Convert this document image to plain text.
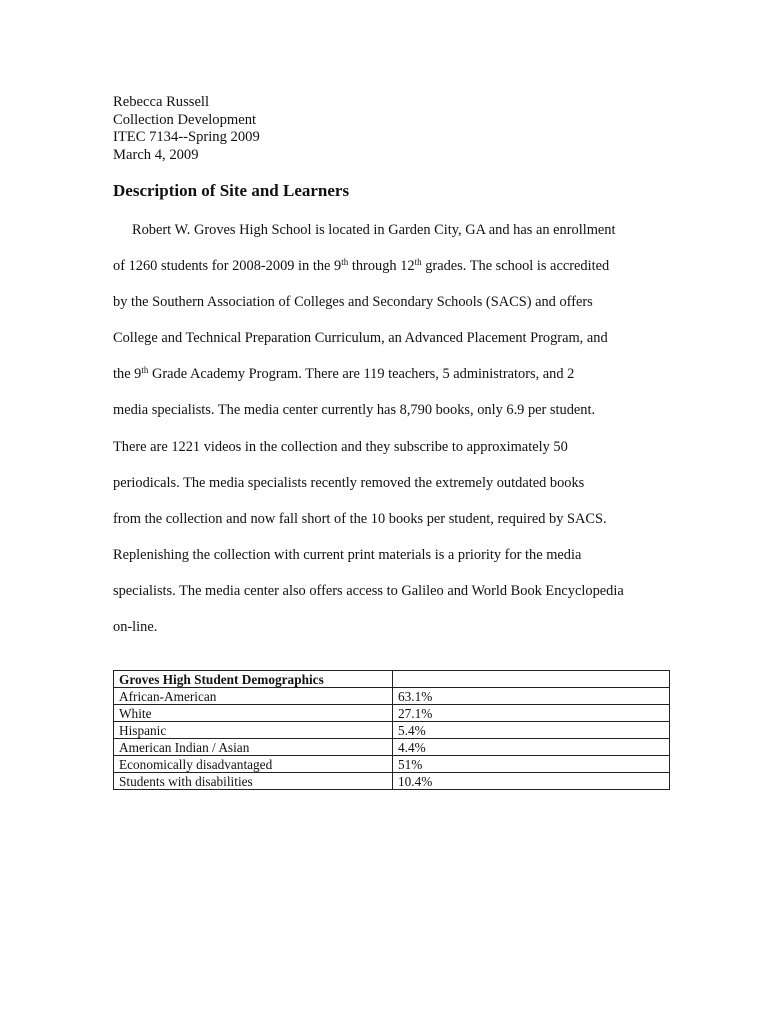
Rebecca Russell
Collection Development
ITEC 7134--Spring 2009
March 4, 2009
Description of Site and Learners
Robert W. Groves High School is located in Garden City, GA and has an enrollment
of 1260 students for 2008-2009 in the 9th through 12th grades. The school is accredited
by the Southern Association of Colleges and Secondary Schools (SACS) and offers
College and Technical Preparation Curriculum, an Advanced Placement Program, and
the 9th Grade Academy Program. There are 119 teachers, 5 administrators, and 2
media specialists. The media center currently has 8,790 books, only 6.9 per student.
There are 1221 videos in the collection and they subscribe to approximately 50
periodicals. The media specialists recently removed the extremely outdated books
from the collection and now fall short of the 10 books per student, required by SACS.
Replenishing the collection with current print materials is a priority for the media
specialists. The media center also offers access to Galileo and World Book Encyclopedia
on-line.
Groves High Student Demographics	
African-American	63.1%
White	27.1%
Hispanic	5.4%
American Indian / Asian	4.4%
Economically disadvantaged	51%
Students with disabilities	10.4%
